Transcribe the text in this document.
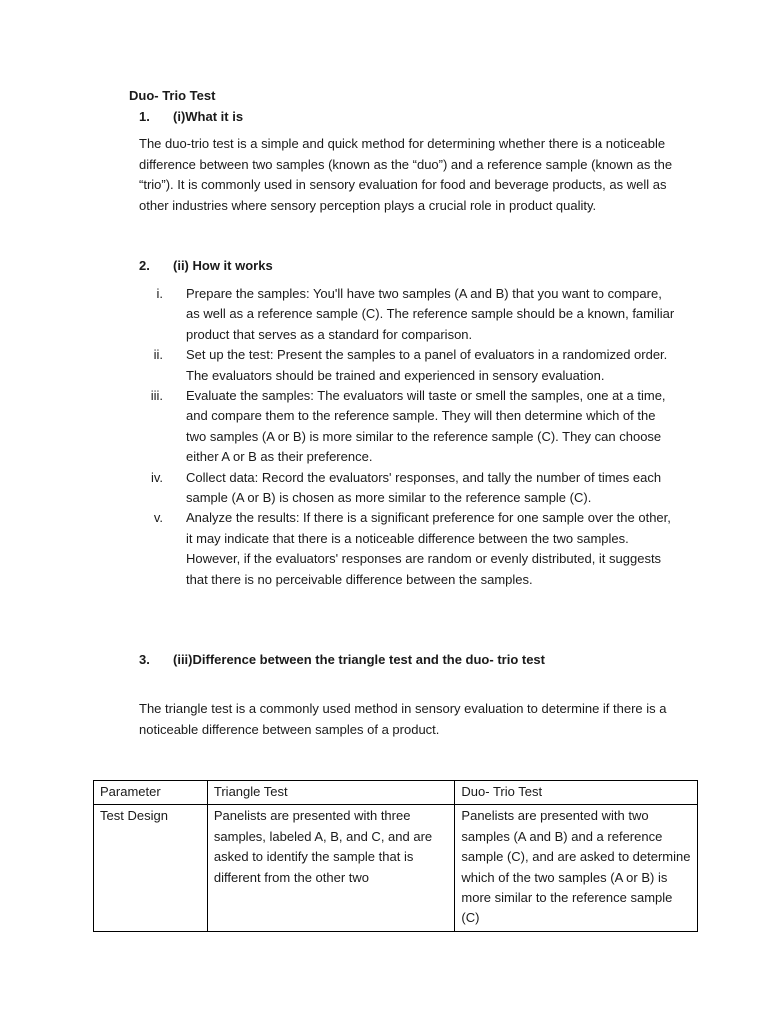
Duo- Trio Test
1. (i)What it is
The duo-trio test is a simple and quick method for determining whether there is a noticeable difference between two samples (known as the “duo”) and a reference sample (known as the “trio”). It is commonly used in sensory evaluation for food and beverage products, as well as other industries where sensory perception plays a crucial role in product quality.
2. (ii) How it works
i. Prepare the samples: You'll have two samples (A and B) that you want to compare, as well as a reference sample (C). The reference sample should be a known, familiar product that serves as a standard for comparison.
ii. Set up the test: Present the samples to a panel of evaluators in a randomized order. The evaluators should be trained and experienced in sensory evaluation.
iii. Evaluate the samples: The evaluators will taste or smell the samples, one at a time, and compare them to the reference sample. They will then determine which of the two samples (A or B) is more similar to the reference sample (C). They can choose either A or B as their preference.
iv. Collect data: Record the evaluators' responses, and tally the number of times each sample (A or B) is chosen as more similar to the reference sample (C).
v. Analyze the results: If there is a significant preference for one sample over the other, it may indicate that there is a noticeable difference between the two samples. However, if the evaluators' responses are random or evenly distributed, it suggests that there is no perceivable difference between the samples.
3. (iii)Difference between the triangle test and the duo- trio test
The triangle test is a commonly used method in sensory evaluation to determine if there is a noticeable difference between samples of a product.
Parameter	Triangle Test	Duo- Trio Test
Test Design	Panelists are presented with three samples, labeled A, B, and C, and are asked to identify the sample that is different from the other two	Panelists are presented with two samples (A and B) and a reference sample (C), and are asked to determine which of the two samples (A or B) is more similar to the reference sample (C)
